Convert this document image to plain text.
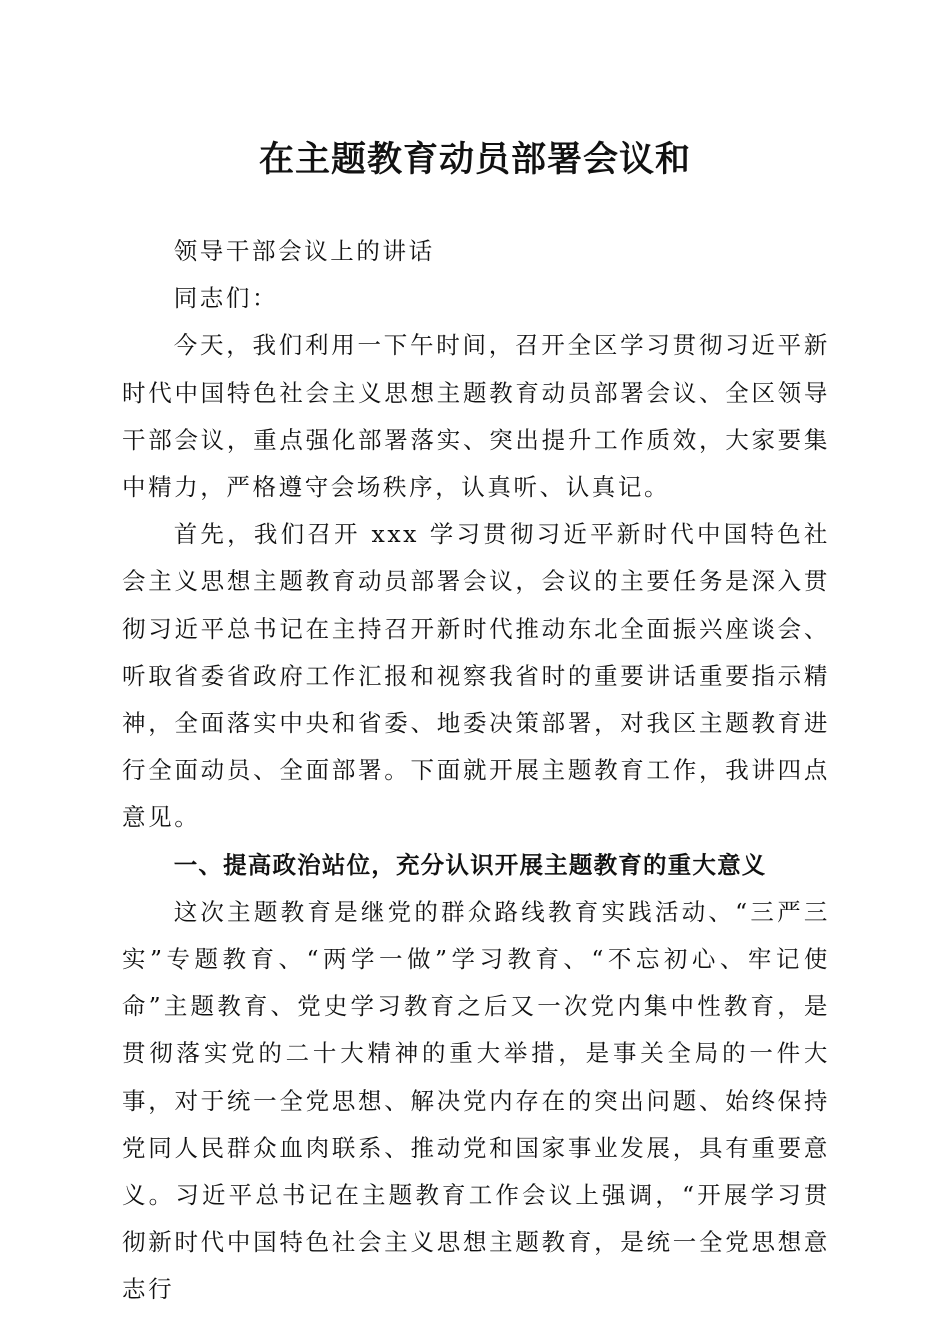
在主题教育动员部署会议和

领导干部会议上的讲话

同志们：

今天，我们利用一下午时间，召开全区学习贯彻习近平新时代中国特色社会主义思想主题教育动员部署会议、全区领导干部会议，重点强化部署落实、突出提升工作质效，大家要集中精力，严格遵守会场秩序，认真听、认真记。

首先，我们召开 xxx 学习贯彻习近平新时代中国特色社会主义思想主题教育动员部署会议，会议的主要任务是深入贯彻习近平总书记在主持召开新时代推动东北全面振兴座谈会、听取省委省政府工作汇报和视察我省时的重要讲话重要指示精神，全面落实中央和省委、地委决策部署，对我区主题教育进行全面动员、全面部署。下面就开展主题教育工作，我讲四点意见。

一、提高政治站位，充分认识开展主题教育的重大意义

这次主题教育是继党的群众路线教育实践活动、“三严三实”专题教育、“两学一做”学习教育、“不忘初心、牢记使命”主题教育、党史学习教育之后又一次党内集中性教育，是贯彻落实党的二十大精神的重大举措，是事关全局的一件大事，对于统一全党思想、解决党内存在的突出问题、始终保持党同人民群众血肉联系、推动党和国家事业发展，具有重要意义。习近平总书记在主题教育工作会议上强调，“开展学习贯彻新时代中国特色社会主义思想主题教育，是统一全党思想意志行
